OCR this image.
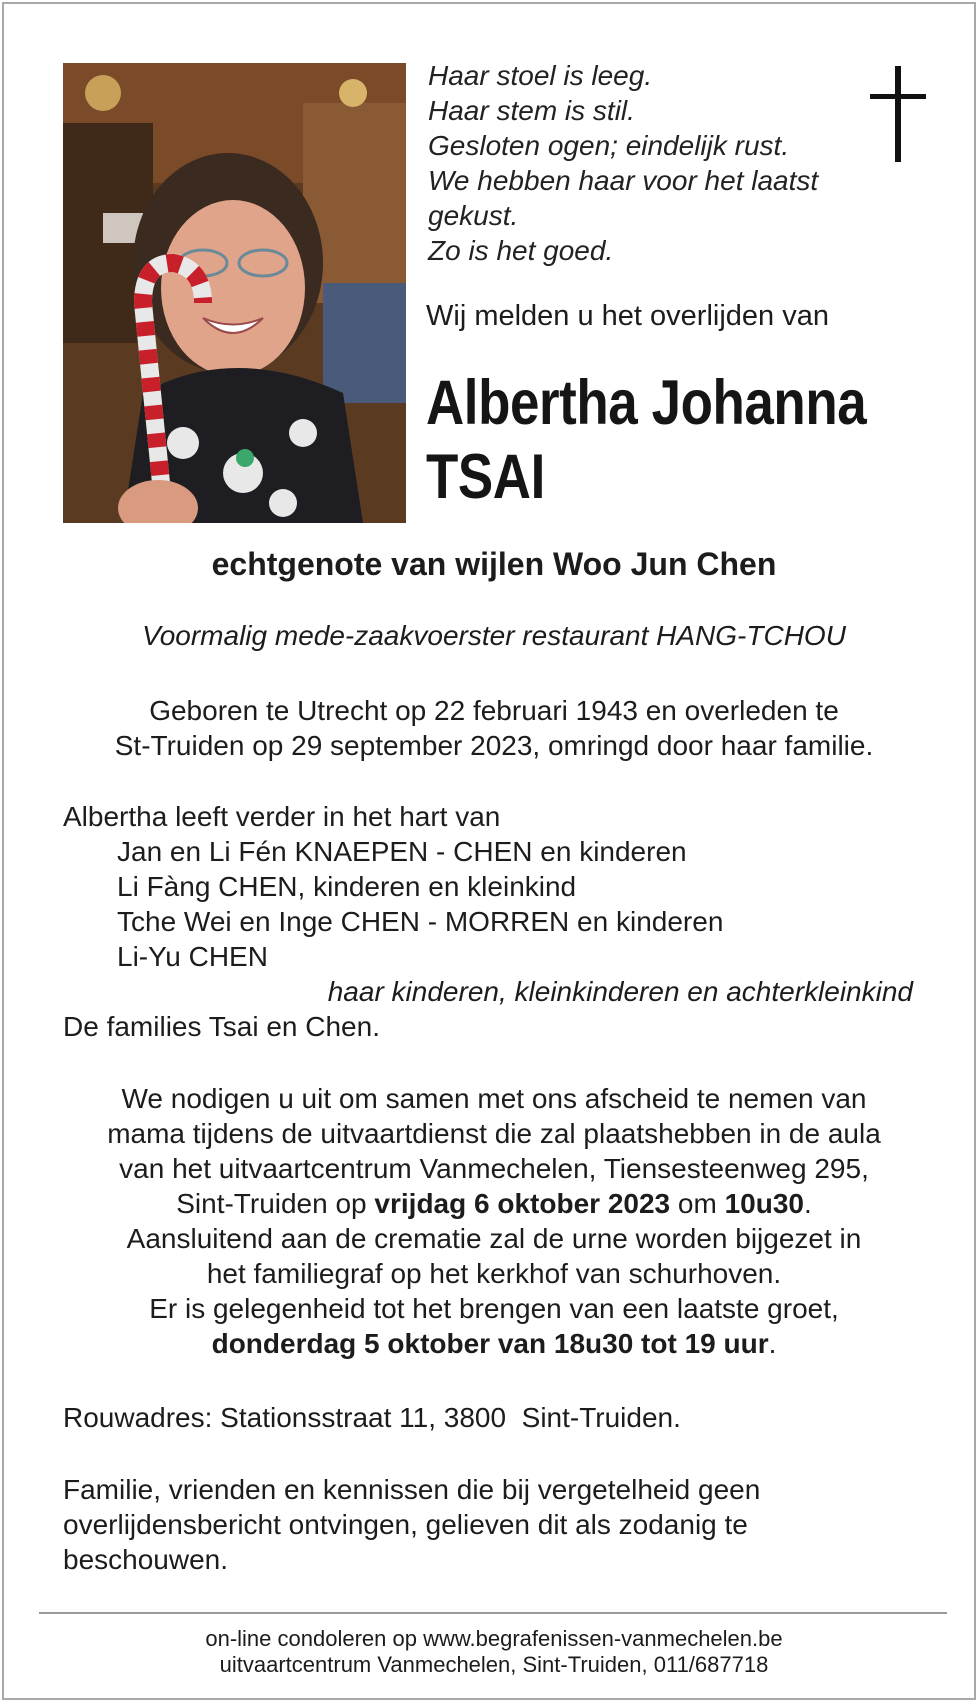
Haar stoel is leeg.
Haar stem is stil.
Gesloten ogen; eindelijk rust.
We hebben haar voor het laatst
gekust.
Zo is het goed.
Wij melden u het overlijden van
Albertha Johanna
TSAI
echtgenote van wijlen Woo Jun Chen
Voormalig mede-zaakvoerster restaurant HANG-TCHOU
Geboren te Utrecht op 22 februari 1943 en overleden te
St-Truiden op 29 september 2023, omringd door haar familie.
Albertha leeft verder in het hart van
Jan en Li Fén KNAEPEN - CHEN en kinderen
Li Fàng CHEN, kinderen en kleinkind
Tche Wei en Inge CHEN - MORREN en kinderen
Li-Yu CHEN
haar kinderen, kleinkinderen en achterkleinkind
De families Tsai en Chen.
We nodigen u uit om samen met ons afscheid te nemen van
mama tijdens de uitvaartdienst die zal plaatshebben in de aula
van het uitvaartcentrum Vanmechelen, Tiensesteenweg 295,
Sint-Truiden op vrijdag 6 oktober 2023 om 10u30.
Aansluitend aan de crematie zal de urne worden bijgezet in
het familiegraf op het kerkhof van schurhoven.
Er is gelegenheid tot het brengen van een laatste groet,
donderdag 5 oktober van 18u30 tot 19 uur.
Rouwadres: Stationsstraat 11, 3800  Sint-Truiden.
Familie, vrienden en kennissen die bij vergetelheid geen overlijdensbericht ontvingen, gelieven dit als zodanig te beschouwen.
on-line condoleren op www.begrafenissen-vanmechelen.be
uitvaartcentrum Vanmechelen, Sint-Truiden, 011/687718
